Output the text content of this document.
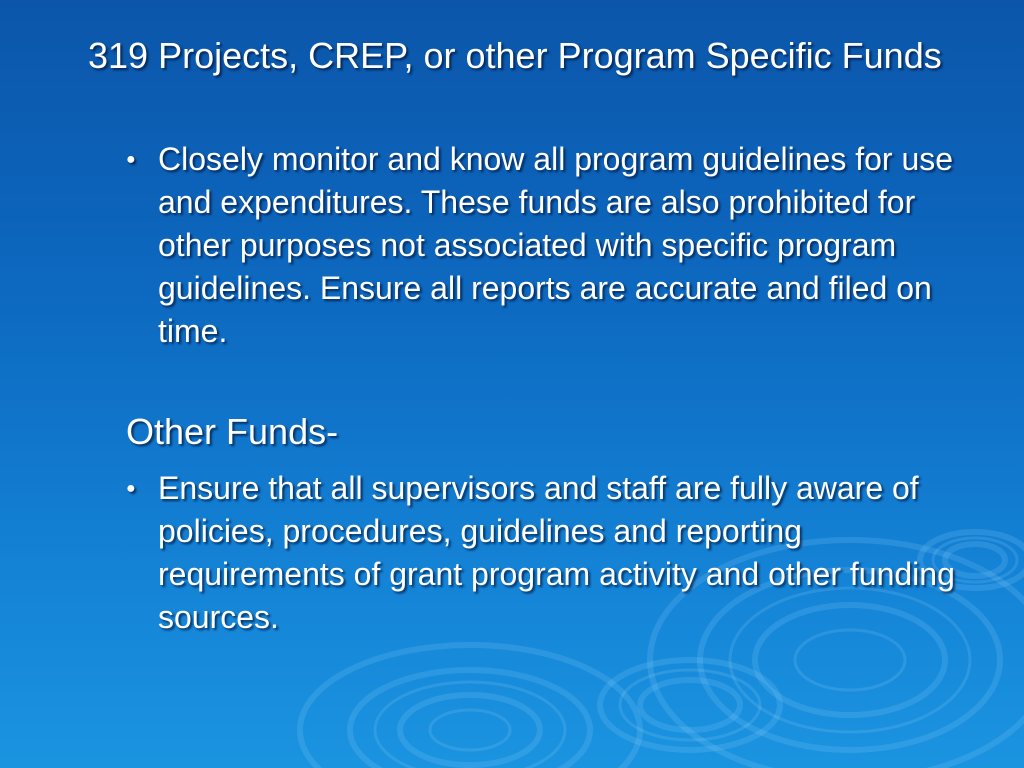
319 Projects, CREP, or other Program Specific Funds
● Closely monitor and know all program guidelines for use and expenditures. These funds are also prohibited for other purposes not associated with specific program guidelines. Ensure all reports are accurate and filed on time.
Other Funds-
● Ensure that all supervisors and staff are fully aware of policies, procedures, guidelines and reporting requirements of grant program activity and other funding sources.
